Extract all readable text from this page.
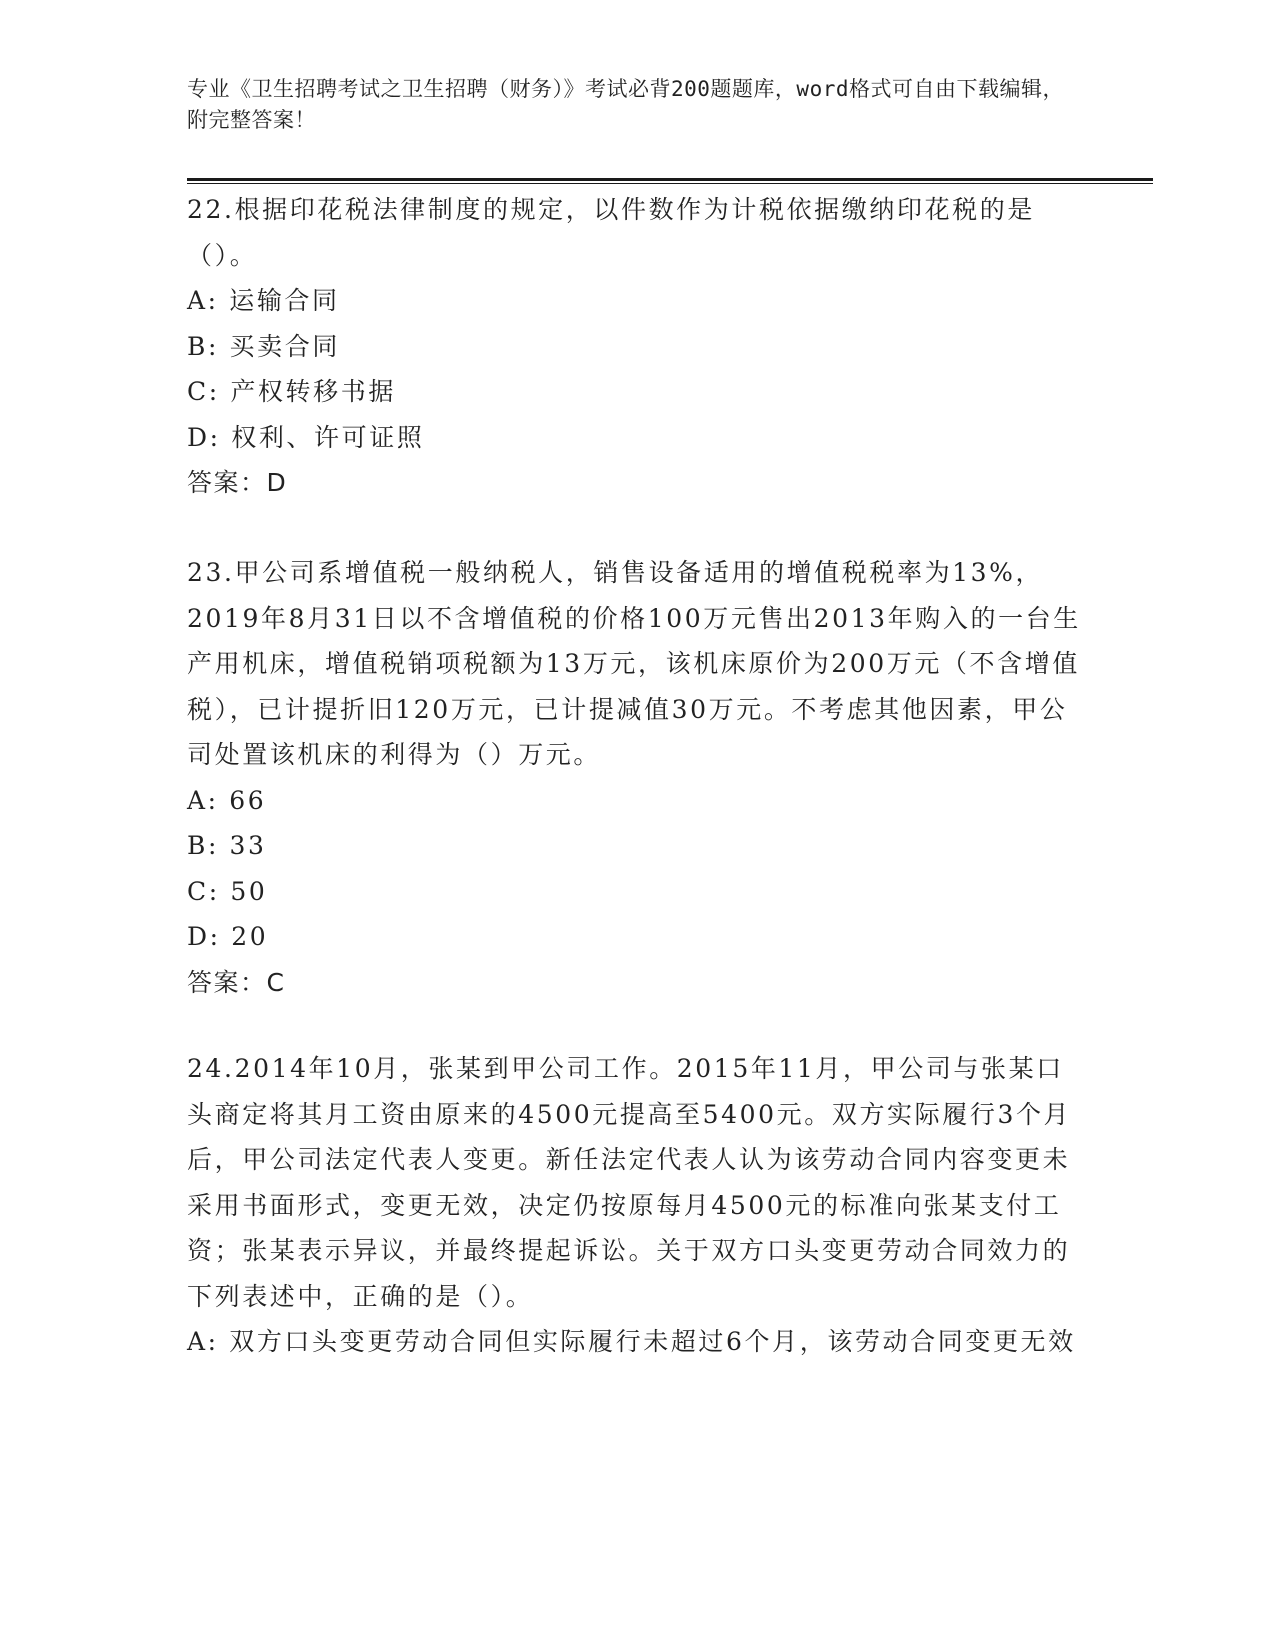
专业《卫生招聘考试之卫生招聘（财务）》考试必背200题题库，word格式可自由下载编辑，附完整答案！

22.根据印花税法律制度的规定，以件数作为计税依据缴纳印花税的是（）。

A: 运输合同

B: 买卖合同

C: 产权转移书据

D: 权利、许可证照

答案：D

23.甲公司系增值税一般纳税人，销售设备适用的增值税税率为13%，2019年8月31日以不含增值税的价格100万元售出2013年购入的一台生产用机床，增值税销项税额为13万元，该机床原价为200万元（不含增值税），已计提折旧120万元，已计提减值30万元。不考虑其他因素，甲公司处置该机床的利得为（）万元。

A: 66

B: 33

C: 50

D: 20

答案：C

24.2014年10月，张某到甲公司工作。2015年11月，甲公司与张某口头商定将其月工资由原来的4500元提高至5400元。双方实际履行3个月后，甲公司法定代表人变更。新任法定代表人认为该劳动合同内容变更未采用书面形式，变更无效，决定仍按原每月4500元的标准向张某支付工资；张某表示异议，并最终提起诉讼。关于双方口头变更劳动合同效力的下列表述中，正确的是（）。

A: 双方口头变更劳动合同但实际履行未超过6个月，该劳动合同变更无效
